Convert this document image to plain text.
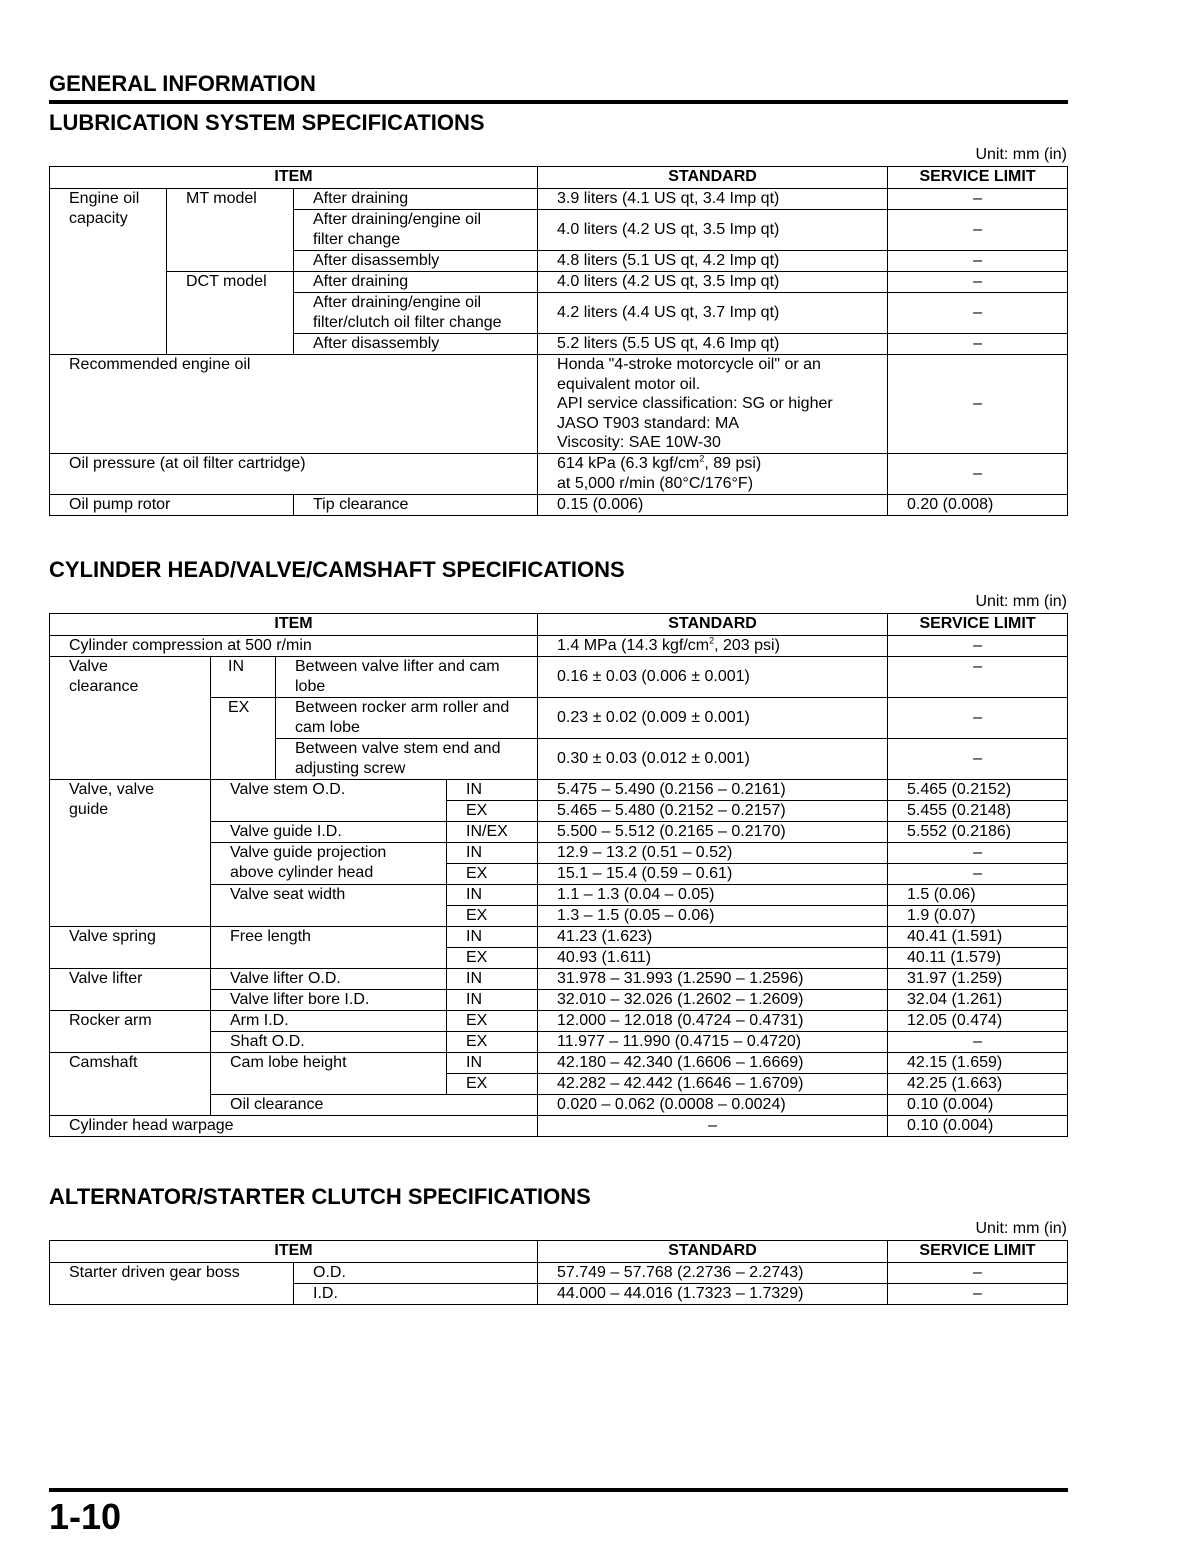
GENERAL INFORMATION
LUBRICATION SYSTEM SPECIFICATIONS
Unit: mm (in)
ITEM			STANDARD	SERVICE LIMIT
Engine oil capacity	MT model	After draining	3.9 liters (4.1 US qt, 3.4 Imp qt)	–
		After draining/engine oil filter change	4.0 liters (4.2 US qt, 3.5 Imp qt)	–
		After disassembly	4.8 liters (5.1 US qt, 4.2 Imp qt)	–
	DCT model	After draining	4.0 liters (4.2 US qt, 3.5 Imp qt)	–
		After draining/engine oil filter/clutch oil filter change	4.2 liters (4.4 US qt, 3.7 Imp qt)	–
		After disassembly	5.2 liters (5.5 US qt, 4.6 Imp qt)	–
Recommended engine oil			Honda "4-stroke motorcycle oil" or an
equivalent motor oil.
API service classification: SG or higher
JASO T903 standard: MA
Viscosity: SAE 10W-30	–
Oil pressure (at oil filter cartridge)			614 kPa (6.3 kgf/$cm^2$, 89 psi)
at 5,000 r/min (80°C/176°F)	–
Oil pump rotor		Tip clearance	0.15 (0.006)	0.20 (0.008)
CYLINDER HEAD/VALVE/CAMSHAFT SPECIFICATIONS
Unit: mm (in)
ITEM				STANDARD	SERVICE LIMIT
Cylinder compression at 500 r/min				1.4 MPa (14.3 kgf/$cm^2$, 203 psi)	–
Valve clearance	IN	Between valve lifter and cam lobe		0.16 ± 0.03 (0.006 ± 0.001)	–
	EX	Between rocker arm roller and cam lobe		0.23 ± 0.02 (0.009 ± 0.001)	–
		Between valve stem end and adjusting screw		0.30 ± 0.03 (0.012 ± 0.001)	–
Valve, valve guide	Valve stem O.D.		IN	5.475 – 5.490 (0.2156 – 0.2161)	5.465 (0.2152)
			EX	5.465 – 5.480 (0.2152 – 0.2157)	5.455 (0.2148)
	Valve guide I.D.		IN/EX	5.500 – 5.512 (0.2165 – 0.2170)	5.552 (0.2186)
	Valve guide projection above cylinder head		IN	12.9 – 13.2 (0.51 – 0.52)	–
			EX	15.1 – 15.4 (0.59 – 0.61)	–
	Valve seat width		IN	1.1 – 1.3 (0.04 – 0.05)	1.5 (0.06)
			EX	1.3 – 1.5 (0.05 – 0.06)	1.9 (0.07)
Valve spring	Free length		IN	41.23 (1.623)	40.41 (1.591)
			EX	40.93 (1.611)	40.11 (1.579)
Valve lifter	Valve lifter O.D.		IN	31.978 – 31.993 (1.2590 – 1.2596)	31.97 (1.259)
	Valve lifter bore I.D.		IN	32.010 – 32.026 (1.2602 – 1.2609)	32.04 (1.261)
Rocker arm	Arm I.D.		EX	12.000 – 12.018 (0.4724 – 0.4731)	12.05 (0.474)
	Shaft O.D.		EX	11.977 – 11.990 (0.4715 – 0.4720)	–
Camshaft	Cam lobe height		IN	42.180 – 42.340 (1.6606 – 1.6669)	42.15 (1.659)
			EX	42.282 – 42.442 (1.6646 – 1.6709)	42.25 (1.663)
	Oil clearance			0.020 – 0.062 (0.0008 – 0.0024)	0.10 (0.004)
Cylinder head warpage				–	0.10 (0.004)
ALTERNATOR/STARTER CLUTCH SPECIFICATIONS
Unit: mm (in)
ITEM		STANDARD	SERVICE LIMIT
Starter driven gear boss	O.D.	57.749 – 57.768 (2.2736 – 2.2743)	–
	I.D.	44.000 – 44.016 (1.7323 – 1.7329)	–
1-10
